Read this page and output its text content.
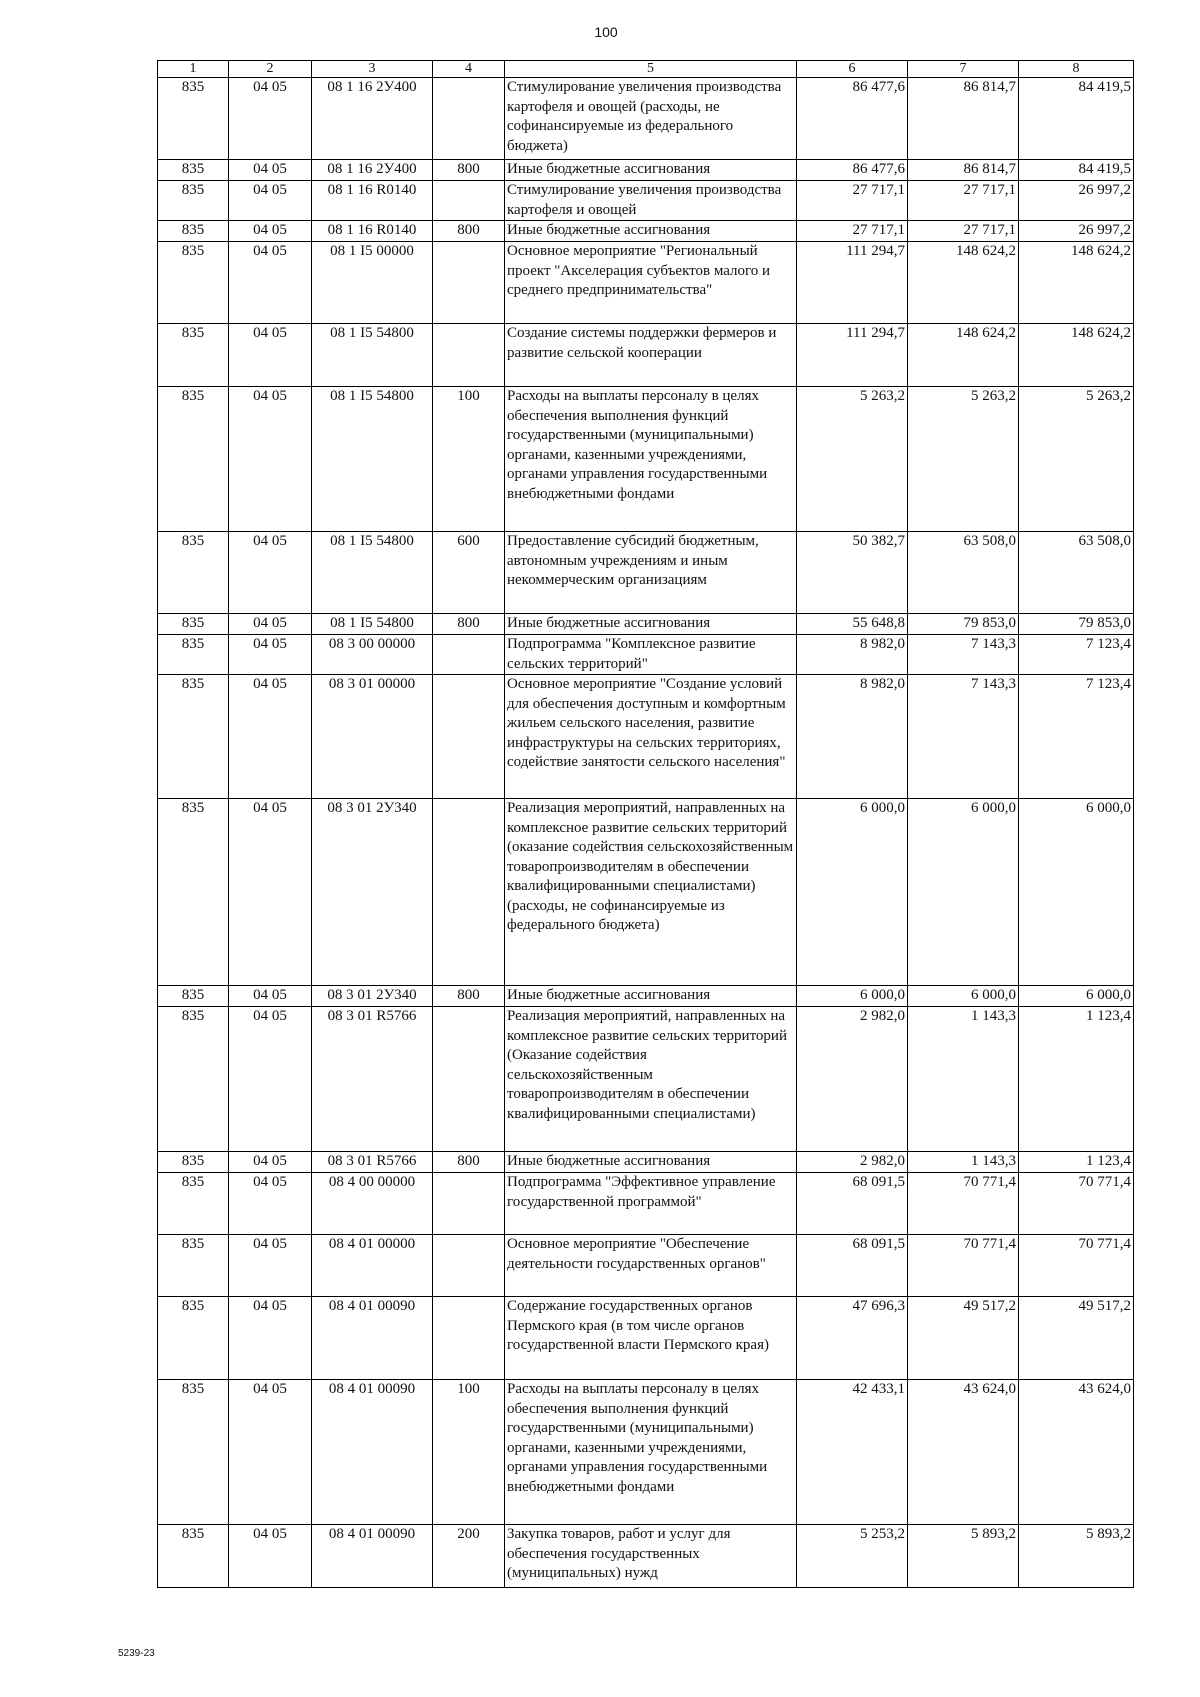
100
1	2	3	4	5	6	7	8
835	04 05	08 1 16 2У400		Стимулирование увеличения производства картофеля и овощей (расходы, не софинансируемые из федерального бюджета)	86 477,6	86 814,7	84 419,5
835	04 05	08 1 16 2У400	800	Иные бюджетные ассигнования	86 477,6	86 814,7	84 419,5
835	04 05	08 1 16 R0140		Стимулирование увеличения производства картофеля и овощей	27 717,1	27 717,1	26 997,2
835	04 05	08 1 16 R0140	800	Иные бюджетные ассигнования	27 717,1	27 717,1	26 997,2
835	04 05	08 1 I5 00000		Основное мероприятие "Региональный проект "Акселерация субъектов малого и среднего предпринимательства"	111 294,7	148 624,2	148 624,2
835	04 05	08 1 I5 54800		Создание системы поддержки фермеров и развитие сельской кооперации	111 294,7	148 624,2	148 624,2
835	04 05	08 1 I5 54800	100	Расходы на выплаты персоналу в целях обеспечения выполнения функций государственными (муниципальными) органами, казенными учреждениями, органами управления государственными внебюджетными фондами	5 263,2	5 263,2	5 263,2
835	04 05	08 1 I5 54800	600	Предоставление субсидий бюджетным, автономным учреждениям и иным некоммерческим организациям	50 382,7	63 508,0	63 508,0
835	04 05	08 1 I5 54800	800	Иные бюджетные ассигнования	55 648,8	79 853,0	79 853,0
835	04 05	08 3 00 00000		Подпрограмма "Комплексное развитие сельских территорий"	8 982,0	7 143,3	7 123,4
835	04 05	08 3 01 00000		Основное мероприятие "Создание условий для обеспечения доступным и комфортным жильем сельского населения, развитие инфраструктуры на сельских территориях, содействие занятости сельского населения"	8 982,0	7 143,3	7 123,4
835	04 05	08 3 01 2У340		Реализация мероприятий, направленных на комплексное развитие сельских территорий (оказание содействия сельскохозяйственным товаропроизводителям в обеспечении квалифицированными специалистами) (расходы, не софинансируемые из федерального бюджета)	6 000,0	6 000,0	6 000,0
835	04 05	08 3 01 2У340	800	Иные бюджетные ассигнования	6 000,0	6 000,0	6 000,0
835	04 05	08 3 01 R5766		Реализация мероприятий, направленных на комплексное развитие сельских территорий (Оказание содействия сельскохозяйственным товаропроизводителям в обеспечении квалифицированными специалистами)	2 982,0	1 143,3	1 123,4
835	04 05	08 3 01 R5766	800	Иные бюджетные ассигнования	2 982,0	1 143,3	1 123,4
835	04 05	08 4 00 00000		Подпрограмма "Эффективное управление государственной программой"	68 091,5	70 771,4	70 771,4
835	04 05	08 4 01 00000		Основное мероприятие "Обеспечение деятельности государственных органов"	68 091,5	70 771,4	70 771,4
835	04 05	08 4 01 00090		Содержание государственных органов Пермского края (в том числе органов государственной власти Пермского края)	47 696,3	49 517,2	49 517,2
835	04 05	08 4 01 00090	100	Расходы на выплаты персоналу в целях обеспечения выполнения функций государственными (муниципальными) органами, казенными учреждениями, органами управления государственными внебюджетными фондами	42 433,1	43 624,0	43 624,0
835	04 05	08 4 01 00090	200	Закупка товаров, работ и услуг для обеспечения государственных (муниципальных) нужд	5 253,2	5 893,2	5 893,2
5239-23
